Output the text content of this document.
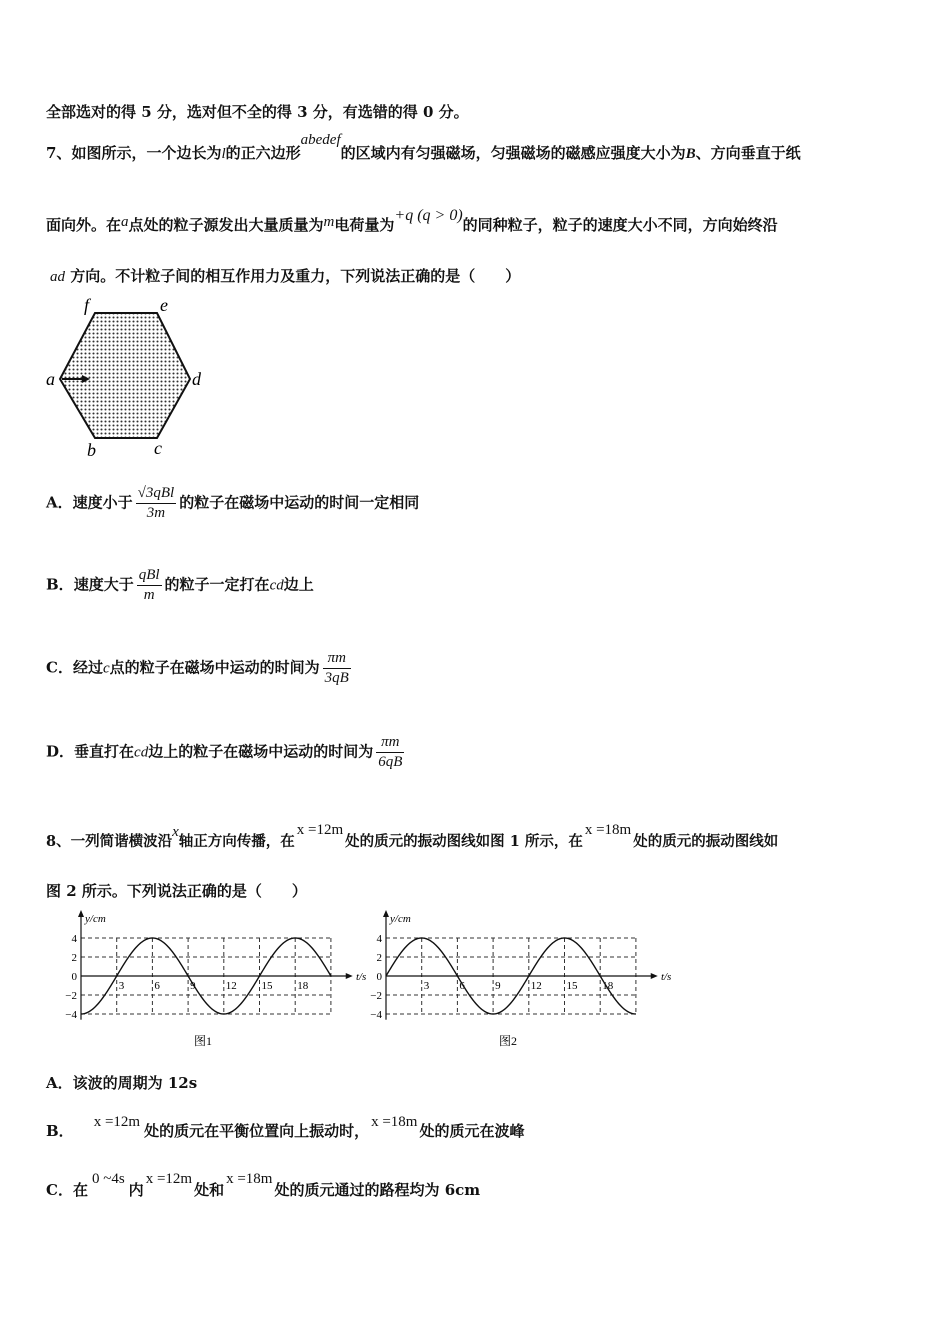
全部选对的得 5 分，选对但不全的得 3 分，有选错的得 0 分。
7、如图所示，一个边长为l的正六边形abedef的区域内有匀强磁场，匀强磁场的磁感应强度大小为B、方向垂直于纸
面向外。在a点处的粒子源发出大量质量为m电荷量为+q (q > 0)的同种粒子，粒子的速度大小不同，方向始终沿
ad 方向。不计粒子间的相互作用力及重力，下列说法正确的是（　　）
f	e
a	d
b	c
A．速度小于 $\frac{\text{√3qBl}}{3m}$ 的粒子在磁场中运动的时间一定相同
B．速度大于 $\frac{\text{qBl}}{m}$ 的粒子一定打在cd边上
C．经过c点的粒子在磁场中运动的时间为 $\frac{\pi m}{3qB}$
D．垂直打在cd边上的粒子在磁场中运动的时间为 $\frac{\pi m}{6qB}$
8、一列简谐横波沿x轴正方向传播，在x =12m处的质元的振动图线如图 1 所示，在x =18m处的质元的振动图线如
图 2 所示。下列说法正确的是（　　）
y/cm
t/s
4
2
0
−2
−4
3	6	9	12 15 18
图1
y/cm
t/s
4
2
0
−2
−4
3	6	9	12 15 18
图2
A．该波的周期为 12s
B． x =12m 处的质元在平衡位置向上振动时， x =18m 处的质元在波峰
C．在0 ~4s内x =12m处和x =18m处的质元通过的路程均为 6cm
